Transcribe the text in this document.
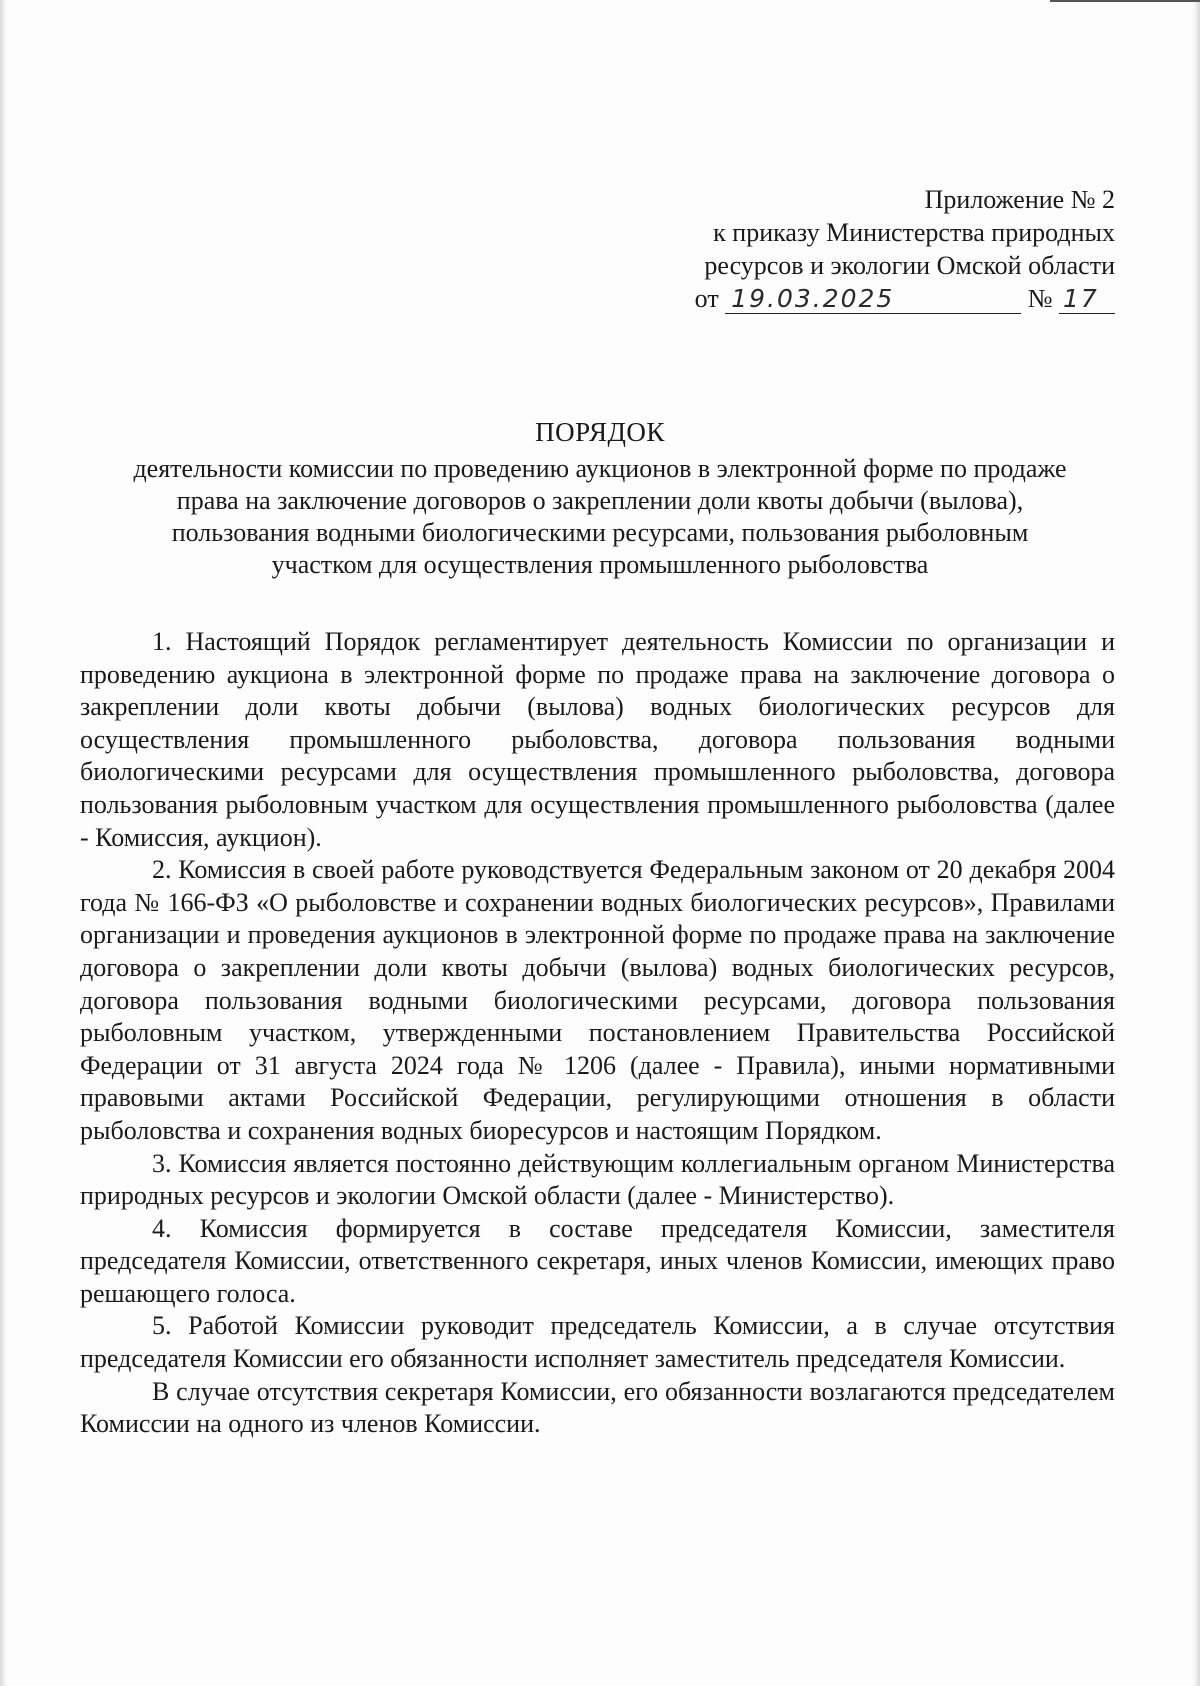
Приложение № 2
к приказу Министерства природных
ресурсов и экологии Омской области
от 19.03.2025	№ 17
ПОРЯДОК
деятельности комиссии по проведению аукционов в электронной форме по продаже
права на заключение договоров о закреплении доли квоты добычи (вылова),
пользования водными биологическими ресурсами, пользования рыболовным
участком для осуществления промышленного рыболовства

1. Настоящий Порядок регламентирует деятельность Комиссии по организации и проведению аукциона в электронной форме по продаже права на заключение договора о закреплении доли квоты добычи (вылова) водных биологических ресурсов для осуществления промышленного рыболовства, договора пользования водными биологическими ресурсами для осуществления промышленного рыболовства, договора пользования рыболовным участком для осуществления промышленного рыболовства (далее - Комиссия, аукцион).

2. Комиссия в своей работе руководствуется Федеральным законом от 20 декабря 2004 года № 166-ФЗ «О рыболовстве и сохранении водных биологических ресурсов», Правилами организации и проведения аукционов в электронной форме по продаже права на заключение договора о закреплении доли квоты добычи (вылова) водных биологических ресурсов, договора пользования водными биологическими ресурсами, договора пользования рыболовным участком, утвержденными постановлением Правительства Российской Федерации от 31 августа 2024 года № 1206 (далее - Правила), иными нормативными правовыми актами Российской Федерации, регулирующими отношения в области рыболовства и сохранения водных биоресурсов и настоящим Порядком.

3. Комиссия является постоянно действующим коллегиальным органом Министерства природных ресурсов и экологии Омской области (далее - Министерство).

4. Комиссия формируется в составе председателя Комиссии, заместителя председателя Комиссии, ответственного секретаря, иных членов Комиссии, имеющих право решающего голоса.

5. Работой Комиссии руководит председатель Комиссии, а в случае отсутствия председателя Комиссии его обязанности исполняет заместитель председателя Комиссии.

В случае отсутствия секретаря Комиссии, его обязанности возлагаются председателем Комиссии на одного из членов Комиссии.
